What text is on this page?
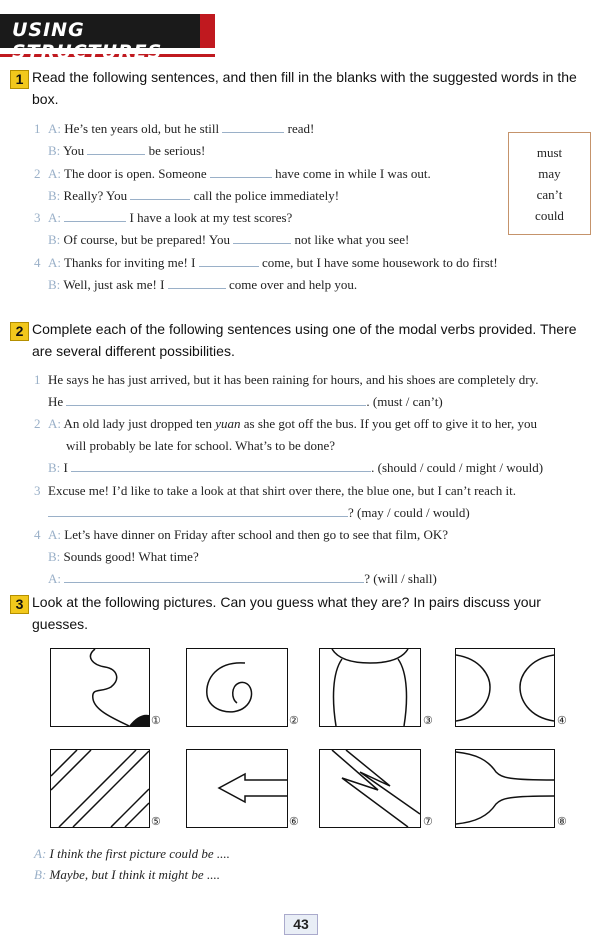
USING STRUCTURES
1 Read the following sentences, and then fill in the blanks with the suggested words in the box.
1 A: He’s ten years old, but he still	read!
B: You	be serious!
2 A: The door is open. Someone	have come in while I was out.
B: Really? You	call the police immediately!
3 A:	I have a look at my test scores?
B: Of course, but be prepared! You	not like what you see!
4 A: Thanks for inviting me! I	come, but I have some housework to do first!
B: Well, just ask me! I	come over and help you.
must
may
can’t
could
2 Complete each of the following sentences using one of the modal verbs provided. There are several different possibilities.
1 He says he has just arrived, but it has been raining for hours, and his shoes are completely dry.
He	. (must / can’t)
2 A: An old lady just dropped ten yuan as she got off the bus. If you get off to give it to her, you
will probably be late for school. What’s to be done?
B: I	. (should / could / might / would)
3 Excuse me! I’d like to take a look at that shirt over there, the blue one, but I can’t reach it.
? (may / could / would)
4 A: Let’s have dinner on Friday after school and then go to see that film, OK?
B: Sounds good! What time?
A:	? (will / shall)
3 Look at the following pictures. Can you guess what they are? In pairs discuss your guesses.
①	②	③	④
⑤	⑥	⑦	⑧
A: I think the first picture could be ....
B: Maybe, but I think it might be ....
43
